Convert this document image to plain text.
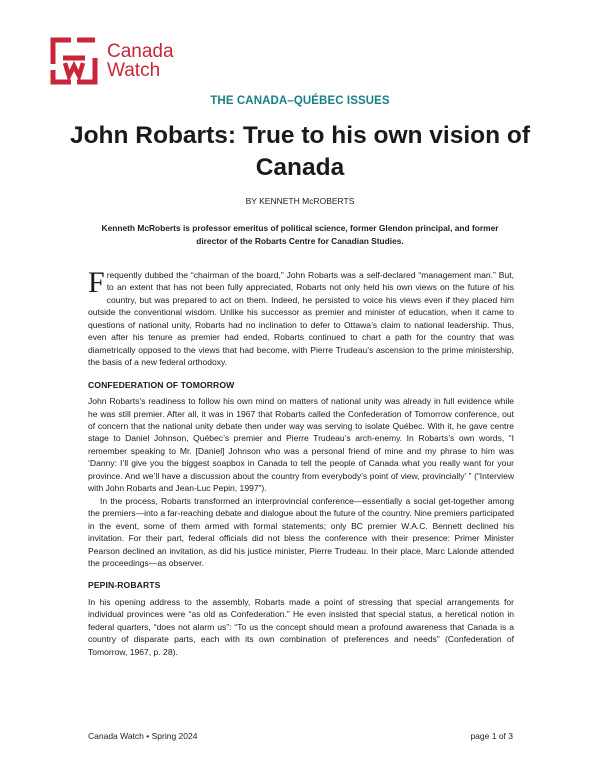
Canada
Watch
THE CANADA–QUÉBEC ISSUES
John Robarts: True to his own vision of Canada
BY KENNETH McROBERTS
Kenneth McRoberts is professor emeritus of political science, former Glendon principal, and former director of the Robarts Centre for Canadian Studies.

Frequently dubbed the “chairman of the board,” John Robarts was a self-declared “management man.” But, to an extent that has not been fully appreciated, Robarts not only held his own views on the future of his country, but was prepared to act on them. Indeed, he persisted to voice his views even if they placed him outside the conventional wisdom. Unlike his successor as premier and minister of education, when it came to questions of national unity, Robarts had no inclination to defer to Ottawa’s claim to national leadership. Thus, even after his tenure as premier had ended, Robarts continued to chart a path for the country that was diametrically opposed to the views that had become, with Pierre Trudeau’s ascension to the prime ministership, the basis of a new federal orthodoxy.

CONFEDERATION OF TOMORROW

John Robarts’s readiness to follow his own mind on matters of national unity was already in full evidence while he was still premier. After all, it was in 1967 that Robarts called the Confederation of Tomorrow conference, out of concern that the national unity debate then under way was serving to isolate Québec. With it, he gave centre stage to Daniel Johnson, Québec’s premier and Pierre Trudeau’s arch-enemy. In Robarts’s own words, “I remember speaking to Mr. [Daniel] Johnson who was a personal friend of mine and my phrase to him was ‘Danny: I’ll give you the biggest soapbox in Canada to tell the people of Canada what you really want for your province. And we’ll have a discussion about the country from everybody’s point of view, provincially’ ” (“Interview with John Robarts and Jean-Luc Pepin, 1997”).

In the process, Robarts transformed an interprovincial conference—essentially a social get-together among the premiers—into a far-reaching debate and dialogue about the future of the country. Nine premiers participated in the event, some of them armed with formal statements; only BC premier W.A.C. Bennett declined his invitation. For their part, federal officials did not bless the conference with their presence: Primer Minister Pearson declined an invitation, as did his justice minister, Pierre Trudeau. In their place, Marc Lalonde attended the proceedings—as observer.

PEPIN-ROBARTS

In his opening address to the assembly, Robarts made a point of stressing that special arrangements for individual provinces were “as old as Confederation.” He even insisted that special status, a heretical notion in federal quarters, “does not alarm us”: “To us the concept should mean a profound awareness that Canada is a country of disparate parts, each with its own combination of preferences and needs” (Confederation of Tomorrow, 1967, p. 28).

Canada Watch • Spring 2024	page 1 of 3
